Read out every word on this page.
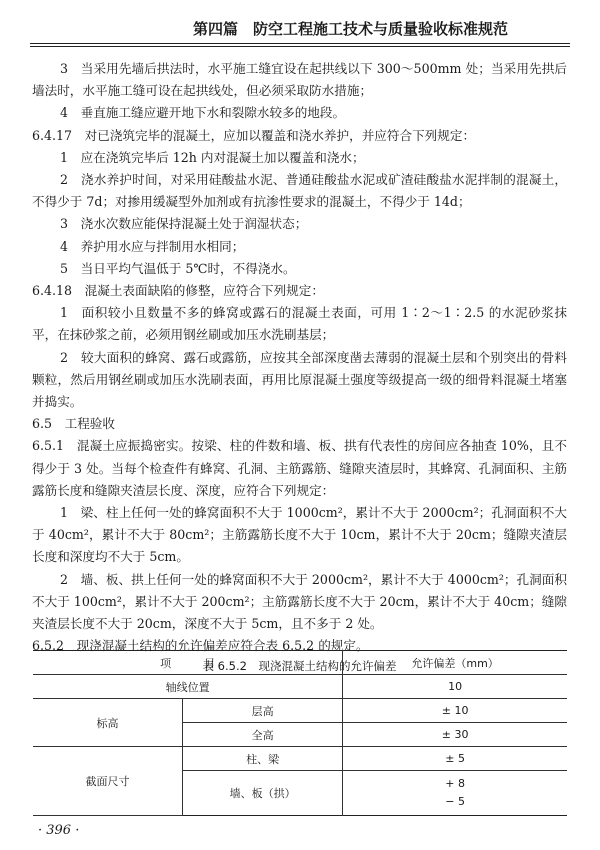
第四篇　防空工程施工技术与质量验收标准规范

3　当采用先墙后拱法时，水平施工缝宜设在起拱线以下 300～500mm 处；当采用先拱后墙法时，水平施工缝可设在起拱线处，但必须采取防水措施；

4　垂直施工缝应避开地下水和裂隙水较多的地段。

6.4.17　对已浇筑完毕的混凝土，应加以覆盖和浇水养护，并应符合下列规定：

1　应在浇筑完毕后 12h 内对混凝土加以覆盖和浇水；

2　浇水养护时间，对采用硅酸盐水泥、普通硅酸盐水泥或矿渣硅酸盐水泥拌制的混凝土，不得少于 7d；对掺用缓凝型外加剂或有抗渗性要求的混凝土，不得少于 14d；

3　浇水次数应能保持混凝土处于润湿状态；

4　养护用水应与拌制用水相同；

5　当日平均气温低于 5℃时，不得浇水。

6.4.18　混凝土表面缺陷的修整，应符合下列规定：

1　面积较小且数量不多的蜂窝或露石的混凝土表面，可用 1∶2～1∶2.5 的水泥砂浆抹平，在抹砂浆之前，必须用钢丝刷或加压水洗刷基层；

2　较大面积的蜂窝、露石或露筋，应按其全部深度凿去薄弱的混凝土层和个别突出的骨料颗粒，然后用钢丝刷或加压水洗刷表面，再用比原混凝土强度等级提高一级的细骨料混凝土堵塞并捣实。

6.5　工程验收

6.5.1　混凝土应振捣密实。按梁、柱的件数和墙、板、拱有代表性的房间应各抽查 10%，且不得少于 3 处。当每个检查件有蜂窝、孔洞、主筋露筋、缝隙夹渣层时，其蜂窝、孔洞面积、主筋露筋长度和缝隙夹渣层长度、深度，应符合下列规定：

1　梁、柱上任何一处的蜂窝面积不大于 1000cm²，累计不大于 2000cm²；孔洞面积不大于 40cm²，累计不大于 80cm²；主筋露筋长度不大于 10cm，累计不大于 20cm；缝隙夹渣层长度和深度均不大于 5cm。

2　墙、板、拱上任何一处的蜂窝面积不大于 2000cm²，累计不大于 4000cm²；孔洞面积不大于 100cm²，累计不大于 200cm²；主筋露筋长度不大于 20cm，累计不大于 40cm；缝隙夹渣层长度不大于 20cm，深度不大于 5cm，且不多于 2 处。

6.5.2　现浇混凝土结构的允许偏差应符合表 6.5.2 的规定。

表 6.5.2　现浇混凝土结构的允许偏差
项　　　目		允许偏差（mm）
轴线位置		10
标高	层高	± 10
	全高	± 30
截面尺寸	柱、梁	± 5
	墙、板（拱）	+ 8
− 5
· 396 ·
